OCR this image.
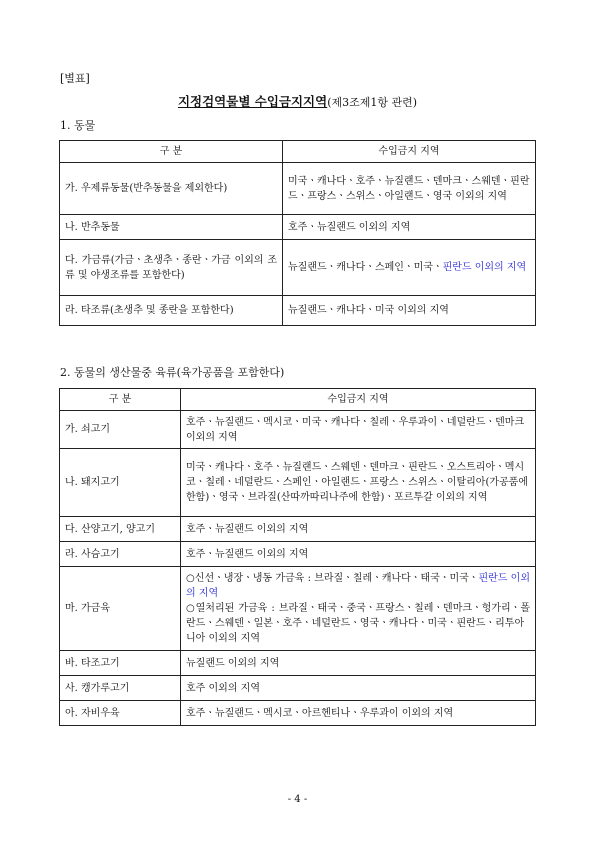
[별표]
지정검역물별 수입금지지역(제3조제1항 관련)
1. 동물
구 분	수입금지 지역
가. 우제류동물(반추동물을 제외한다)	미국ㆍ캐나다ㆍ호주ㆍ뉴질랜드ㆍ덴마크ㆍ스웨덴ㆍ핀란드ㆍ프랑스ㆍ스위스ㆍ아일랜드ㆍ영국 이외의 지역
나. 반추동물	호주ㆍ뉴질랜드 이외의 지역
다. 가금류(가금ㆍ초생추ㆍ종란ㆍ가금 이외의 조류 및 야생조류를 포함한다)	뉴질랜드ㆍ캐나다ㆍ스페인ㆍ미국ㆍ핀란드 이외의 지역
라. 타조류(초생추 및 종란을 포함한다)	뉴질랜드ㆍ캐나다ㆍ미국 이외의 지역
2. 동물의 생산물중 육류(육가공품을 포함한다)
구 분	수입금지 지역
가. 쇠고기	호주ㆍ뉴질랜드ㆍ멕시코ㆍ미국ㆍ캐나다ㆍ칠레ㆍ우루과이ㆍ네덜란드ㆍ덴마크 이외의 지역
나. 돼지고기	미국ㆍ캐나다ㆍ호주ㆍ뉴질랜드ㆍ스웨덴ㆍ덴마크ㆍ핀란드ㆍ오스트리아ㆍ멕시코ㆍ칠레ㆍ네덜란드ㆍ스페인ㆍ아일랜드ㆍ프랑스ㆍ스위스ㆍ이탈리아(가공품에 한함)ㆍ영국ㆍ브라질(산따까따리나주에 한함)ㆍ포르투갈 이외의 지역
다. 산양고기, 양고기	호주ㆍ뉴질랜드 이외의 지역
라. 사슴고기	호주ㆍ뉴질랜드 이외의 지역
마. 가금육	○신선ㆍ냉장ㆍ냉동 가금육 : 브라질ㆍ칠레ㆍ캐나다ㆍ태국ㆍ미국ㆍ핀란드 이외의 지역
○열처리된 가금육 : 브라질ㆍ태국ㆍ중국ㆍ프랑스ㆍ칠레ㆍ덴마크ㆍ헝가리ㆍ폴란드ㆍ스웨덴ㆍ일본ㆍ호주ㆍ네덜란드ㆍ영국ㆍ캐나다ㆍ미국ㆍ핀란드ㆍ리투아니아 이외의 지역

바. 타조고기	뉴질랜드 이외의 지역
사. 캥가루고기	호주 이외의 지역
아. 자비우육	호주ㆍ뉴질랜드ㆍ멕시코ㆍ아르헨티나ㆍ우루과이 이외의 지역
- 4 -
